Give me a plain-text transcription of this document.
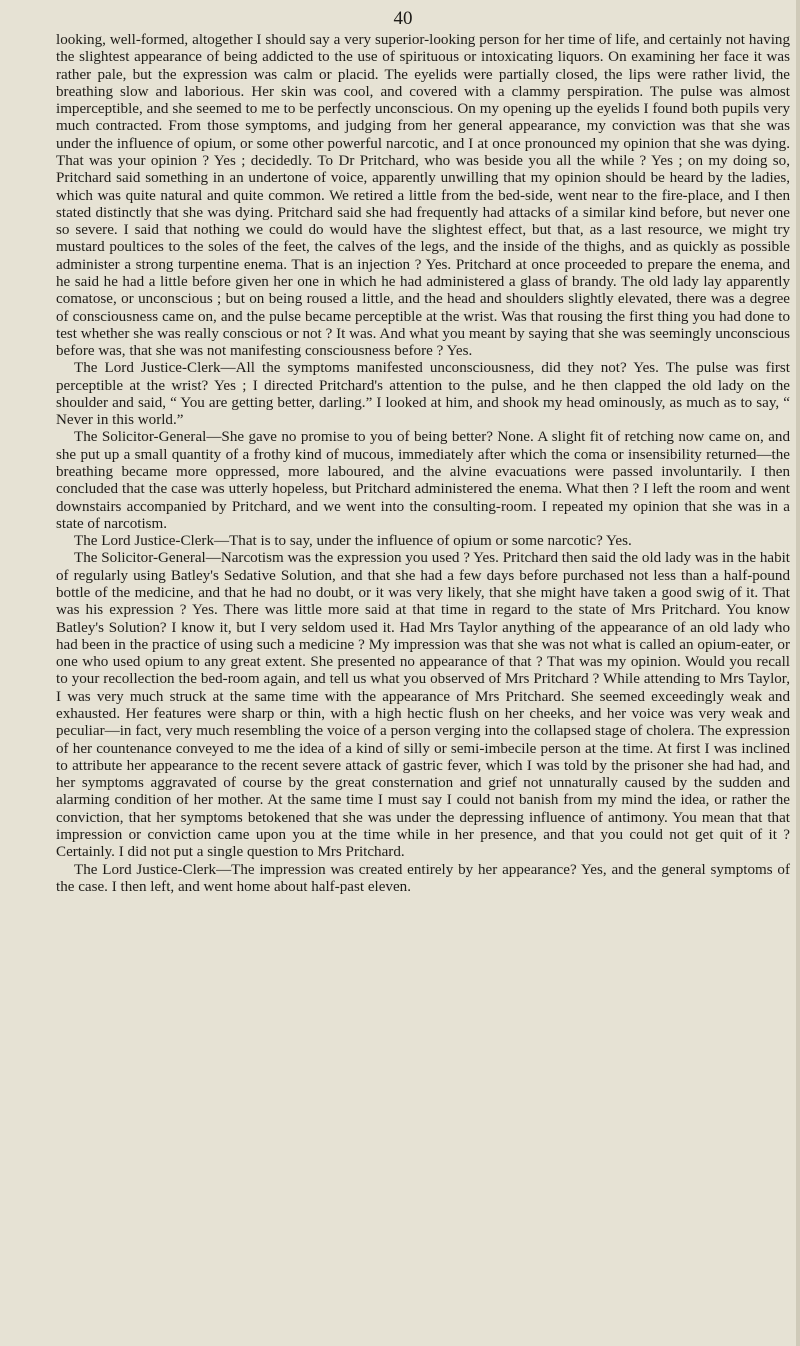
40

looking, well-formed, altogether I should say a very superior-looking person for her time of life, and certainly not having the slightest appearance of being addicted to the use of spirituous or intoxicating liquors. On examining her face it was rather pale, but the expression was calm or placid. The eyelids were partially closed, the lips were rather livid, the breathing slow and laborious. Her skin was cool, and covered with a clammy perspiration. The pulse was almost imperceptible, and she seemed to me to be perfectly unconscious. On my opening up the eyelids I found both pupils very much contracted. From those symptoms, and judging from her general appearance, my conviction was that she was under the influence of opium, or some other powerful narcotic, and I at once pronounced my opinion that she was dying. That was your opinion ? Yes ; decidedly. To Dr Pritchard, who was beside you all the while ? Yes ; on my doing so, Pritchard said something in an undertone of voice, apparently unwilling that my opinion should be heard by the ladies, which was quite natural and quite common. We retired a little from the bed-side, went near to the fire-place, and I then stated distinctly that she was dying. Pritchard said she had frequently had attacks of a similar kind before, but never one so severe. I said that nothing we could do would have the slightest effect, but that, as a last resource, we might try mustard poultices to the soles of the feet, the calves of the legs, and the inside of the thighs, and as quickly as possible administer a strong turpentine enema. That is an injection ? Yes. Pritchard at once proceeded to prepare the enema, and he said he had a little before given her one in which he had administered a glass of brandy. The old lady lay apparently comatose, or unconscious ; but on being roused a little, and the head and shoulders slightly elevated, there was a degree of consciousness came on, and the pulse became perceptible at the wrist. Was that rousing the first thing you had done to test whether she was really conscious or not ? It was. And what you meant by saying that she was seemingly unconscious before was, that she was not manifesting consciousness before ? Yes.

The Lord Justice-Clerk—All the symptoms manifested unconsciousness, did they not? Yes. The pulse was first perceptible at the wrist? Yes ; I directed Pritchard's attention to the pulse, and he then clapped the old lady on the shoulder and said, “ You are getting better, darling.” I looked at him, and shook my head ominously, as much as to say, “ Never in this world.”

The Solicitor-General—She gave no promise to you of being better? None. A slight fit of retching now came on, and she put up a small quantity of a frothy kind of mucous, immediately after which the coma or insensibility returned—the breathing became more oppressed, more laboured, and the alvine evacuations were passed involuntarily. I then concluded that the case was utterly hopeless, but Pritchard administered the enema. What then ? I left the room and went downstairs accompanied by Pritchard, and we went into the consulting-room. I repeated my opinion that she was in a state of narcotism.

The Lord Justice-Clerk—That is to say, under the influence of opium or some narcotic? Yes.

The Solicitor-General—Narcotism was the expression you used ? Yes. Pritchard then said the old lady was in the habit of regularly using Batley's Sedative Solution, and that she had a few days before purchased not less than a half-pound bottle of the medicine, and that he had no doubt, or it was very likely, that she might have taken a good swig of it. That was his expression ? Yes. There was little more said at that time in regard to the state of Mrs Pritchard. You know Batley's Solution? I know it, but I very seldom used it. Had Mrs Taylor anything of the appearance of an old lady who had been in the practice of using such a medicine ? My impression was that she was not what is called an opium-eater, or one who used opium to any great extent. She presented no appearance of that ? That was my opinion. Would you recall to your recollection the bed-room again, and tell us what you observed of Mrs Pritchard ? While attending to Mrs Taylor, I was very much struck at the same time with the appearance of Mrs Pritchard. She seemed exceedingly weak and exhausted. Her features were sharp or thin, with a high hectic flush on her cheeks, and her voice was very weak and peculiar—in fact, very much resembling the voice of a person verging into the collapsed stage of cholera. The expression of her countenance conveyed to me the idea of a kind of silly or semi-imbecile person at the time. At first I was inclined to attribute her appearance to the recent severe attack of gastric fever, which I was told by the prisoner she had had, and her symptoms aggravated of course by the great consternation and grief not unnaturally caused by the sudden and alarming condition of her mother. At the same time I must say I could not banish from my mind the idea, or rather the conviction, that her symptoms betokened that she was under the depressing influence of antimony. You mean that that impression or conviction came upon you at the time while in her presence, and that you could not get quit of it ? Certainly. I did not put a single question to Mrs Pritchard.

The Lord Justice-Clerk—The impression was created entirely by her appearance? Yes, and the general symptoms of the case. I then left, and went home about half-past eleven.
